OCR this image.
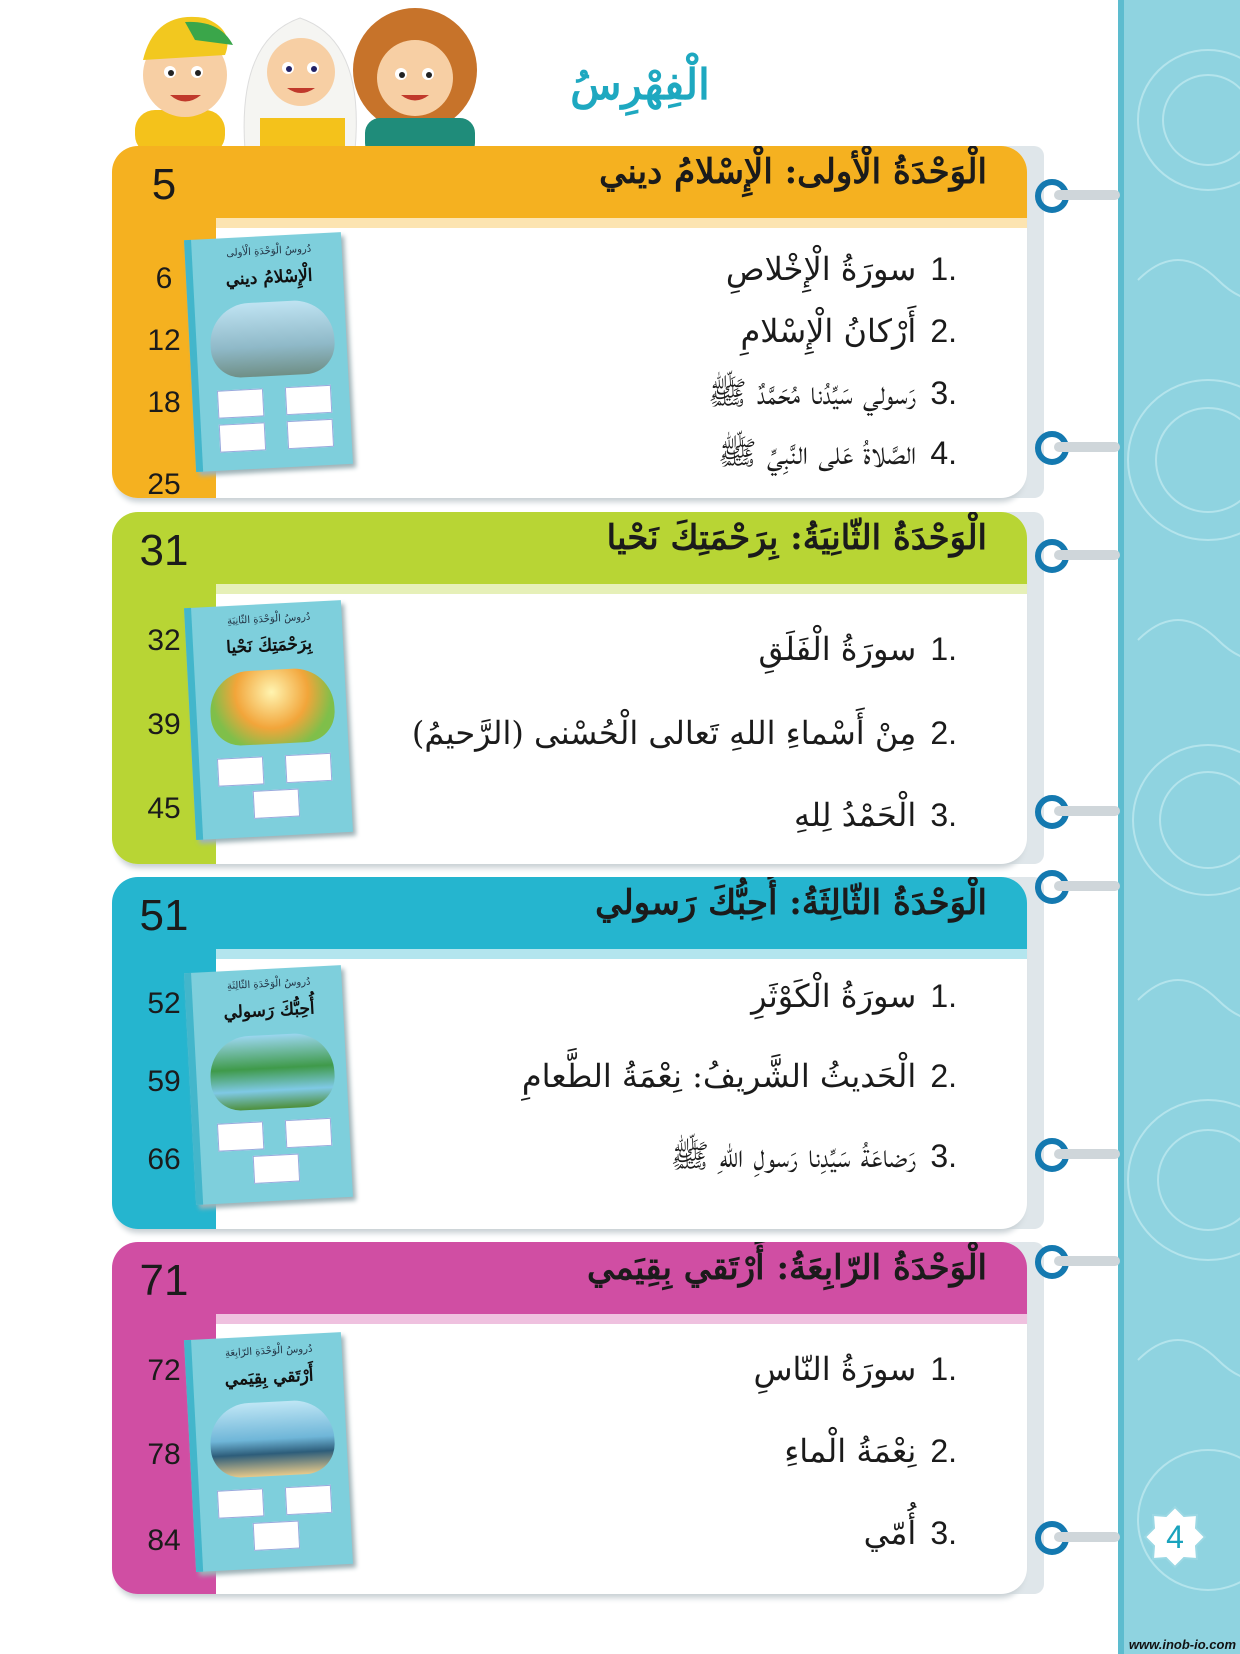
4
www.inob-io.com
الْفِهْرِسُ
الْوَحْدَةُ الْأولى: الْإِسْلامُ ديني
5
6
12
18
25
.1سورَةُ الْإِخْلاصِ
.2أَرْكانُ الْإِسْلامِ
.3رَسولي سَيِّدُنا مُحَمَّدٌ ﷺ
.4الصَّلاةُ عَلى النَّبِيِّ ﷺ
دُروسُ الْوَحْدَةِ الْأولى
الْإِسْلامُ ديني
الْوَحْدَةُ الثّانِيَةُ: بِرَحْمَتِكَ نَحْيا
31
32
39
45
.1سورَةُ الْفَلَقِ
.2مِنْ أَسْماءِ اللهِ تَعالى الْحُسْنى (الرَّحيمُ)
.3الْحَمْدُ لِلهِ
دُروسُ الْوَحْدَةِ الثّانِيَةِ
بِرَحْمَتِكَ نَحْيا
الْوَحْدَةُ الثّالِثَةُ: أُحِبُّكَ رَسولي
51
52
59
66
.1سورَةُ الْكَوْثَرِ
.2الْحَديثُ الشَّريفُ: نِعْمَةُ الطَّعامِ
.3رَضاعَةُ سَيِّدِنا رَسولِ اللهِ ﷺ
دُروسُ الْوَحْدَةِ الثّالِثَةِ
أُحِبُّكَ رَسولي
الْوَحْدَةُ الرّابِعَةُ: أَرْتَقي بِقِيَمي
71
72
78
84
.1سورَةُ النّاسِ
.2نِعْمَةُ الْماءِ
.3أُمّي
دُروسُ الْوَحْدَةِ الرّابِعَةِ
أَرْتَقي بِقِيَمي
